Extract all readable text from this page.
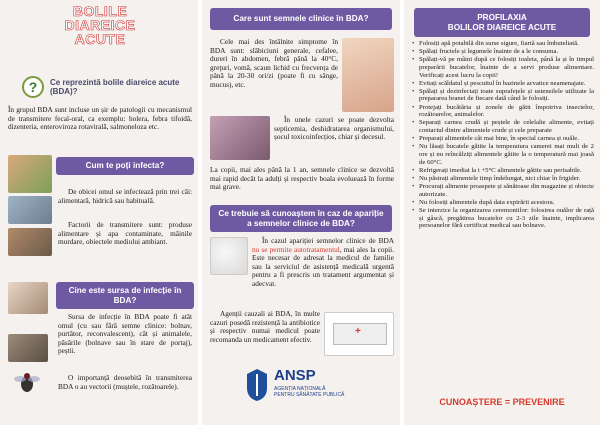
BOLILE
DIAREICE
ACUTE
?	Ce reprezintă bolile diareice acute (BDA)?

În grupul BDA sunt incluse un șir de patologii cu mecanismul de transmitere fecal-oral, ca exemplu: holera, febra tifoidă, dizenteria, enteroviroza rotavirală, salmoneloza etc.

Cum te poți infecta?

De obicei omul se infectează prin trei căi: alimentară, hidrică sau habituală.

Factorii de transmitere sunt: produse alimentare și apa contaminate, mâinile murdare, obiectele mediului ambiant.

Cine este sursa de infecție în BDA?

Sursa de infecție în BDA poate fi atât omul (cu sau fără semne clinice: bolnav, purtător, reconvalescent), cât și animalele, păsările (bolnave sau în stare de portaj), peștii.

O importanță deosebită în transmiterea BDA o au vectorii (muștele, rozătoarele).

Care sunt semnele clinice în BDA?

Cele mai des întâlnite simptome în BDA sunt: slăbiciuni generale, cefalee, dureri în abdomen, febră până la 40°C, greţuri, vomă, scaun lichid cu frecvența de până la 20-30 ori/zi (poate fi cu sânge, mucus), etc.

În unele cazuri se poate dezvolta septicemia, deshidratarea organismului, șocul toxicoinfecțios, chiar și decesul.

La copii, mai ales până la 1 an, semnele clinice se dezvoltă mai rapid decât la adulți și respectiv boala evoluează în forme mai grave.

Ce trebuie să cunoaștem în caz de apariție a semnelor clinice de BDA?

În cazul apariției semnelor clinice de BDA nu se permite autotratamentul, mai ales la copii. Este necesar de adresat la medicul de familie sau la serviciul de asistență medicală urgentă pentru a fi prescris un tratament argumentat și adecvat.

Agenții cauzali ai BDA, în multe cazuri posedă rezistență la antibiotice și respectiv numai medicul poate recomanda un medicament efectiv.

+
ANSP
AGENȚIA NAȚIONALĂ
PENTRU SĂNĂTATE PUBLICĂ
PROFILAXIA
BOLILOR DIAREICE ACUTE
• Folosiți apă potabilă din surse sigure, fiartă sau îmbuteliată.
• Spălați fructele și legumele înainte de a le consuma.
• Spălați-vă pe mâini după ce folosiți toaleta, până la și în timpul preparării bucatelor, înainte de a servi produse alimentare. Verificați acest lucru la copii!
• Evitați scăldatul și pescuitul în bazinele acvatice neamenajate.
• Spălați și dezinfectați toate suprafețele și ustensilele utilizate la prepararea branei de fiecare dată când le folosiți.
• Protejați bucătăria și zonele de gătit împotriva insectelor, rozătoarelor, animalelor.
• Separați carnea crudă și peștele de celelalte alimente, evitați contactul dintre alimentele crude și cele preparate
• Preparați alimentele cât mai bine, în special carnea și ouăle.
• Nu lăsați bucatele gătite la temperatura camerei mai mult de 2 ore și nu reîncălziți alimentele gătite la o temperatură mai joasă de 60°C.
• Refrigerați imediat la t +5°C alimentele gătite sau perisabile.
• Nu păstrați alimentele timp îndelungat, nici chiar în frigider.
• Procurați alimente proaspete și sănătoase din magazine și obiecte autorizate.
• Nu folosiți alimentele după data expirării acestora.
• Se interzice la organizarea ceremoniilor: folosirea ouălor de rață și gâscă, pregătirea bucatelor cu 2-3 zile înainte, implicarea persoanelor fără certificat medical sau bolnave.
CUNOAȘTERE = PREVENIRE
